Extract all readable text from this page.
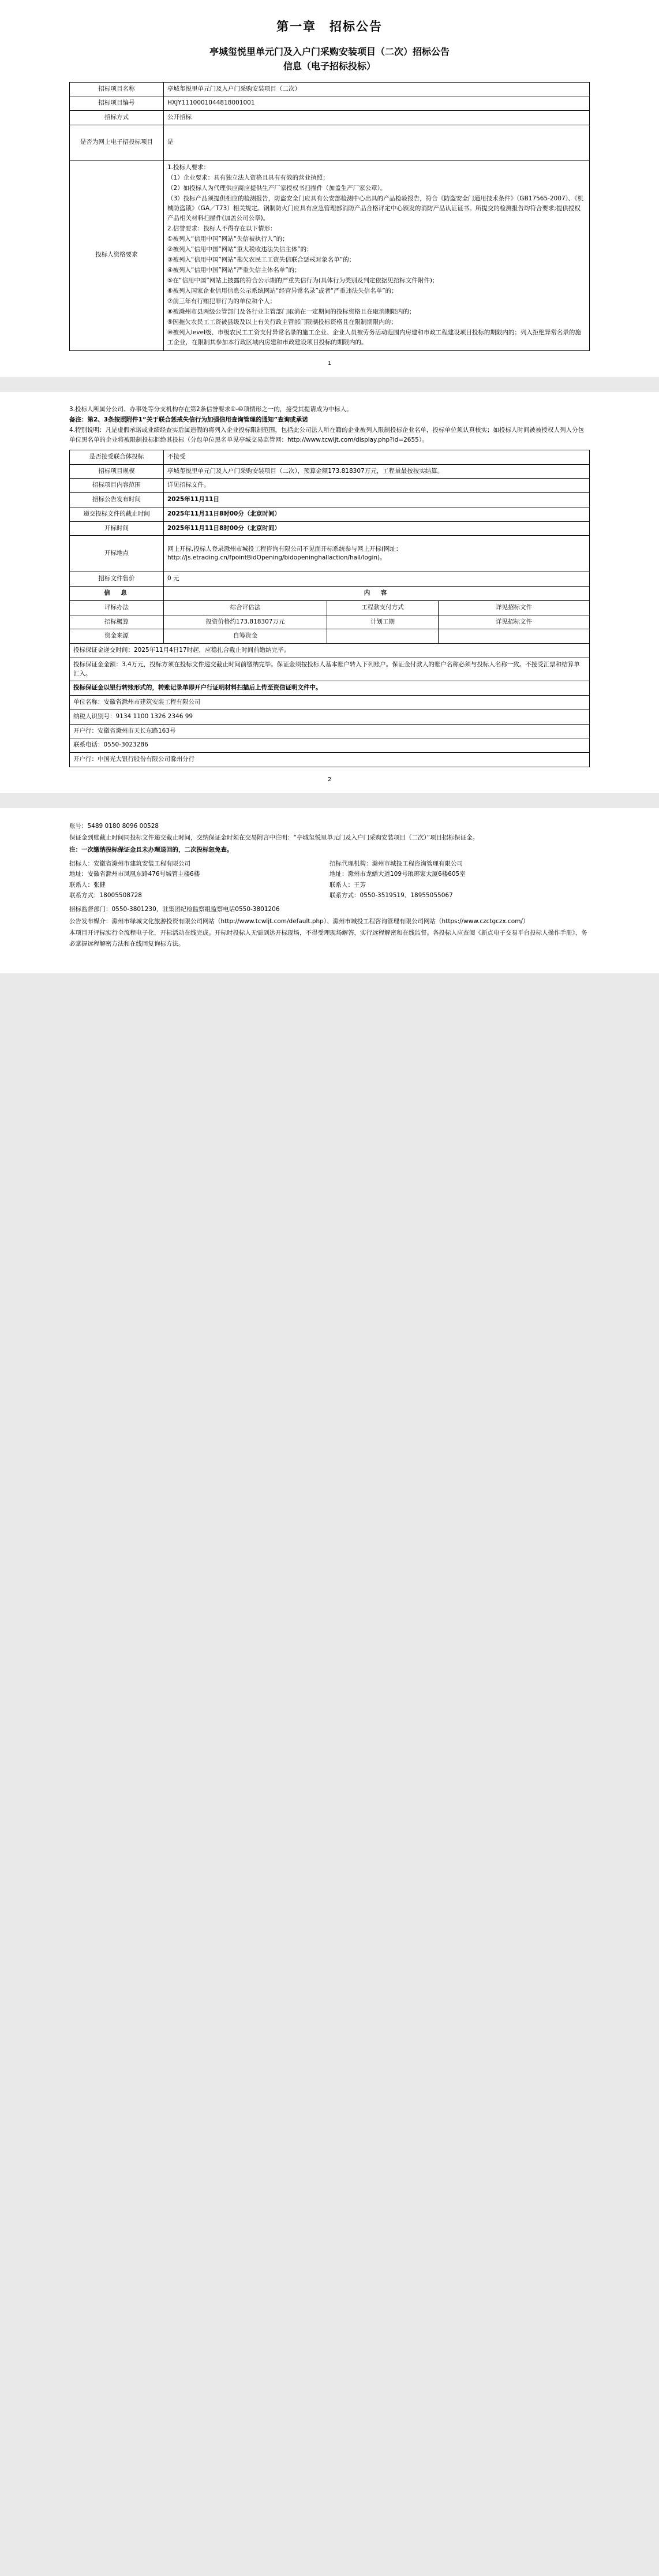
第一章　招标公告
亭城玺悦里单元门及入户门采购安装项目（二次）招标公告
信息（电子招标投标）
招标项目名称	亭城玺悦里单元门及入户门采购安装项目（二次）
招标项目编号	HXJY1110001044818001001
招标方式	公开招标
是否为网上电子招投标项目	是
投标人资格要求	

1.投标人要求：

（1）企业要求：具有独立法人资格且具有有效的营业执照；

（2）如投标人为代理供应商应提供生产厂家授权书扫描件（加盖生产厂家公章）。

（3）投标产品须提供相应的检测报告，防盗安全门应具有公安部检测中心出具的产品检验报告，符合《防盗安全门通用技术条件》（GB17565-2007）、《机械防盗锁》（GA／T73）相关规定。钢制防火门应具有应急管理部消防产品合格评定中心颁发的消防产品认证证书。所提交的检测报告均符合要求;提供授权产品相关材料扫描件(加盖公司公章)。

2.信誉要求：投标人不得存在以下情形：

①被列入“信用中国”网站“失信被执行人”的；

②被列入“信用中国”网站“重大税收违法失信主体”的；

③被列入“信用中国”网站“拖欠农民工工资失信联合惩戒对象名单”的；

④被列入“信用中国”网站“严重失信主体名单”的；

⑤在“信用中国”网站上披露的符合公示期的严重失信行为(具体行为类别及判定依据见招标文件附件)；

⑥被列入国家企业信用信息公示系统网站“经营异常名录”或者“严重违法失信名单”的；

⑦前三年有行贿犯罪行为的单位和个人；

⑧被滁州市县两级公管部门及各行业主管部门取消在一定期间的投标资格且在取消期限内的；

⑨因拖欠农民工工资被县级及以上有关行政主管部门限制投标资格且在限制期限内的；

⑩被列入level级、市级农民工工资支付异常名录的施工企业、企业人员被劳务活动范围内房建和市政工程建设项目投标的期限内的；列入拒绝异常名录的施工企业，在限制其参加本行政区域内房建和市政建设项目投标的期限内的。

1

3.投标人所属分公司、办事处等分支机构存在第2条信誉要求①-⑩项情形之一的，接受其提请成为中标人。

备注：第2、3条按照附件1“关于联合惩戒失信行为加强信用查询管理的通知”查询或承诺

4.特别说明：凡是虚假承诺或业绩经查实后属造假的将列入企业投标限制范围，包括此公司法人所在籍的企业被列入限制投标企业名单，投标单位须认真核实；如投标人时间被被授权人列入分包单位黑名单的企业将被限制投标拒绝其投标（分包单位黑名单见亭城交易监管网：http://www.tcwljt.com/display.php?id=2655）。

是否接受联合体投标	不接受
招标项目规模	亭城玺悦里单元门及入户门采购安装项目（二次），预算金额173.818307万元，工程量最按按实结算。
招标项目内容范围	详见招标文件。
招标公告发布时间	2025年11月11日
递交投标文件的截止时间	2025年11月11日8时00分（北京时间）
开标时间	2025年11月11日8时00分（北京时间）
开标地点	网上开标,投标人登录滁州市城投工程咨询有限公司不见面开标系统参与网上开标(网址：http://js.etrading.cn/fpointBidOpening/bidopeninghallaction/hall/login)。
招标文件售价	0 元
信　息	内　容
评标办法	综合评估法	工程款支付方式	详见招标文件
招标概算	投资价格约173.818307万元	计划工期	详见招标文件
资金来源	自筹资金		
投标保证金递交时间：2025年11月4日17时起，应稳扎合截止时间前缴纳完毕。			
投标保证金金额：3.4万元，投标方须在投标文件递交截止时间前缴纳完毕。保证金须按投标人基本账户转入下列账户。保证金付款人的账户名称必须与投标人名称一致。不接受汇票和结算单汇入。			
投标保证金以银行转账形式的，转账记录单即开户行证明材料扫描后上传至资信证明文件中。			
单位名称：安徽省滁州市建筑安装工程有限公司			
纳税人识别号：9134 1100 1326 2346 99			
开户行：安徽省滁州市天长东路163号			
联系电话：0550-3023286			
开户行：中国光大银行股份有限公司滁州分行			
2

账号：5489 0180 8096 00528

保证金到账截止时间同投标文件递交截止时间，交纳保证金时须在交易附言中注明：“亭城玺悦里单元门及入户门采购安装项目（二次）”项目招标保证金。

注：一次缴纳投标保证金且未办理退回的，二次投标恕免查。

招标人：安徽省滁州市建筑安装工程有限公司
地址：安徽省滁州市凤凰东路476号城管主楼6楼
联系人：张健
联系方式：18005508728

招标代理机构：滁州市城投工程咨询管理有限公司
地址：滁州市龙蟠大道109号琅琊家大厦6楼605室
联系人：王芳
联系方式：0550-3519519、18955055067

招标监督部门：0550-3801230，驻集团纪检监察组监察电话0550-3801206

公告发布媒介：滁州市绿城文化旅游投资有限公司网站（http://www.tcwljt.com/default.php）、滁州市城投工程咨询管理有限公司网站（https://www.czctgczx.com/）

本项目开评标实行全流程电子化，开标活动在线完成。开标时投标人无需到达开标现场，不得受理现场解答，实行远程解密和在线监督。各投标人应查阅《新点电子交易平台投标人操作手册》，务必掌握远程解密方法和在线回复询标方法。
